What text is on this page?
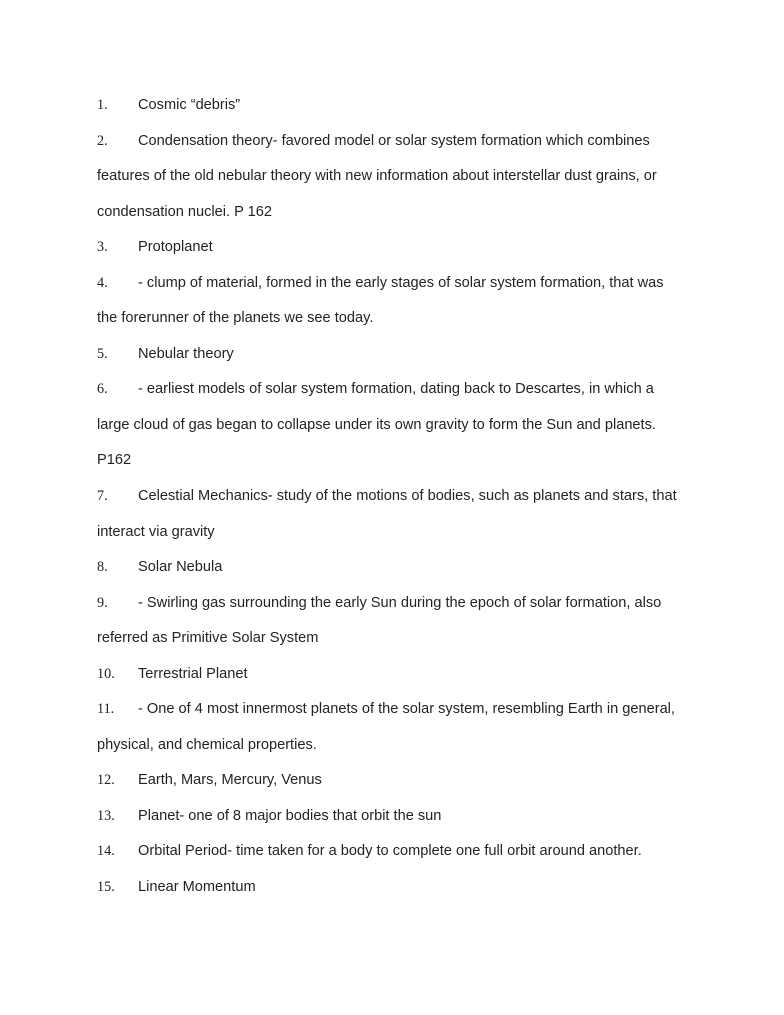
1. Cosmic “debris”

2. Condensation theory- favored model or solar system formation which combines features of the old nebular theory with new information about interstellar dust grains, or condensation nuclei. P 162

3. Protoplanet

4. - clump of material, formed in the early stages of solar system formation, that was the forerunner of the planets we see today.

5. Nebular theory

6. - earliest models of solar system formation, dating back to Descartes, in which a large cloud of gas began to collapse under its own gravity to form the Sun and planets. P162

7. Celestial Mechanics- study of the motions of bodies, such as planets and stars, that interact via gravity

8. Solar Nebula

9. - Swirling gas surrounding the early Sun during the epoch of solar formation, also referred as Primitive Solar System

10. Terrestrial Planet

11. - One of 4 most innermost planets of the solar system, resembling Earth in general, physical, and chemical properties.

12. Earth, Mars, Mercury, Venus

13. Planet- one of 8 major bodies that orbit the sun

14. Orbital Period- time taken for a body to complete one full orbit around another.

15. Linear Momentum
